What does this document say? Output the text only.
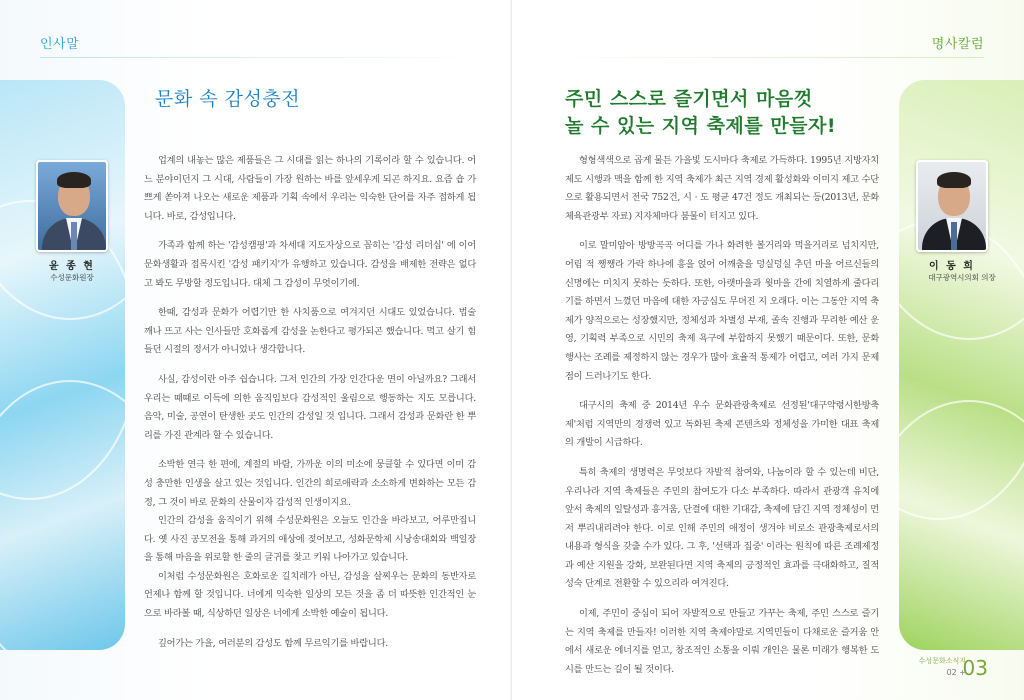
인사말
윤 종 현
수성문화원장
문화 속 감성충전

업계의 내놓는 많은 제품들은 그 시대를 읽는 하나의 기록이라 할 수 있습니다. 어느 분야이던지 그 시대, 사람들이 가장 원하는 바를 앞세우게 되곤 하지요. 요즘 숍 가쁘게 쏟아져 나오는 새로운 제품과 기획 속에서 우리는 익숙한 단어를 자주 접하게 됩니다. 바로, 감성입니다.

가족과 함께 하는 '감성캠핑'과 차세대 지도자상으로 꼽히는 '감성 리더십' 에 이어 문화생활과 접목시킨 '감성 패키지'가 유행하고 있습니다. 감성을 배제한 전략은 없다고 봐도 무방할 정도입니다. 대체 그 감성이 무엇이기에.

한때, 감성과 문화가 어렵기만 한 사치품으로 여겨지던 시대도 있었습니다. 법술 깨나 뜨고 사는 인사들만 호화롭게 감성을 논한다고 평가되곤 했습니다. 먹고 살기 힘들던 시절의 정서가 아니었나 생각합니다.

사실, 감성이란 아주 쉽습니다. 그저 인간의 가장 인간다운 면이 아닐까요? 그래서 우리는 때때로 이득에 의한 움직임보다 감성적인 울림으로 행동하는 지도 모릅니다. 음악, 미술, 공연이 탄생한 곳도 인간의 감성일 것 입니다. 그래서 감성과 문화란 한 뿌리를 가진 관계라 할 수 있습니다.

소박한 연극 한 편에, 계절의 바람, 가까운 이의 미소에 뭉클할 수 있다면 이미 감성 충만한 인생을 살고 있는 것입니다. 인간의 희로애락과 소소하게 변화하는 모든 감정, 그 것이 바로 문화의 산물이자 감성적 인생이지요.

인간의 감성을 움직이기 위해 수성문화원은 오늘도 인간을 바라보고, 어루만집니다. 옛 사진 공모전을 통해 과거의 애상에 젖어보고, 성화문학제 시낭송대회와 백일장을 통해 마음을 위로할 한 줄의 글귀를 찾고 키워 나아가고 있습니다.

이처럼 수성문화원은 호화로운 길치레가 아닌, 감성을 살찌우는 문화의 동반자로 언제나 함께 할 것입니다. 너에게 익숙한 일상의 모든 것을 좀 더 따뜻한 인간적인 눈으로 바라볼 때, 식상하던 일상은 너에게 소박한 예술이 됩니다.

깊어가는 가을, 여러분의 감성도 함께 무르익기를 바랍니다.

명사칼럼
이 동 희
대구광역시의회 의장
수성문화소식지
02 +
03
주민 스스로 즐기면서 마음껏
놀 수 있는 지역 축제를 만들자!

형형색색으로 곱게 물든 가을빛 도시마다 축제로 가득하다. 1995년 지방자치제도 시행과 맥을 함께 한 지역 축제가 최근 지역 경제 활성화와 이미지 제고 수단으로 활용되면서 전국 752건, 시 · 도 평균 47건 정도 개최되는 등(2013년, 문화체육관광부 자료) 지자체마다 붐물이 터지고 있다.

이로 말미암아 방방곡곡 어디를 가나 화려한 볼거리와 먹을거리로 넘치지만, 어림 적 쨍쨍라 가락 하나에 흥을 얹어 어깨춤을 덩실덩실 추던 마을 어르신들의 신명에는 미치지 못하는 듯하다. 또한, 아랫마을과 윗마을 간에 치열하게 줄다리기를 하면서 느꼈던 마음에 대한 자긍심도 무뎌진 지 오래다. 이는 그동안 지역 축제가 양적으로는 성장했지만, 정체성과 차별성 부재, 졸속 진행과 무리한 예산 운영, 기획력 부족으로 시민의 축제 욕구에 부합하지 못했기 때문이다. 또한, 문화 행사는 조례를 제정하지 않는 경우가 많아 효율적 통제가 어렵고, 여러 가지 문제점이 드러나기도 한다.

대구시의 축제 중 2014년 우수 문화관광축제로 선정된'대구약령시한방축제'처럼 지역만의 경쟁력 있고 독화된 축제 콘텐츠와 정체성을 가미한 대표 축제의 개발이 시급하다.

특히 축제의 생명력은 무엇보다 자발적 참여와, 나눔이라 할 수 있는데 비단, 우리나라 지역 축제들은 주민의 참여도가 다소 부족하다. 따라서 관광객 유치에 앞서 축제의 일탈성과 흥겨움, 단결에 대한 기대감, 축제에 담긴 지역 정체성이 먼저 뿌리내리려야 한다. 이로 인해 주민의 애정이 생겨야 비로소 관광축제로서의 내용과 형식을 갖출 수가 있다. 그 후, '선택과 집중' 이라는 원칙에 따른 조례제정과 예산 지원을 강화, 보완된다면 지역 축제의 긍정적인 효과를 극대화하고, 질적 성숙 단계로 전환할 수 있으리라 여겨진다.

이제, 주민이 중심이 되어 자발적으로 만들고 가꾸는 축제, 주민 스스로 즐기는 지역 축제를 만들자! 이러한 지역 축제야말로 지역민들이 다채로운 즐거움 안에서 새로운 에너지를 얻고, 창조적인 소통을 이뤄 개인은 물론 미래가 행복한 도시를 만드는 길이 될 것이다.
